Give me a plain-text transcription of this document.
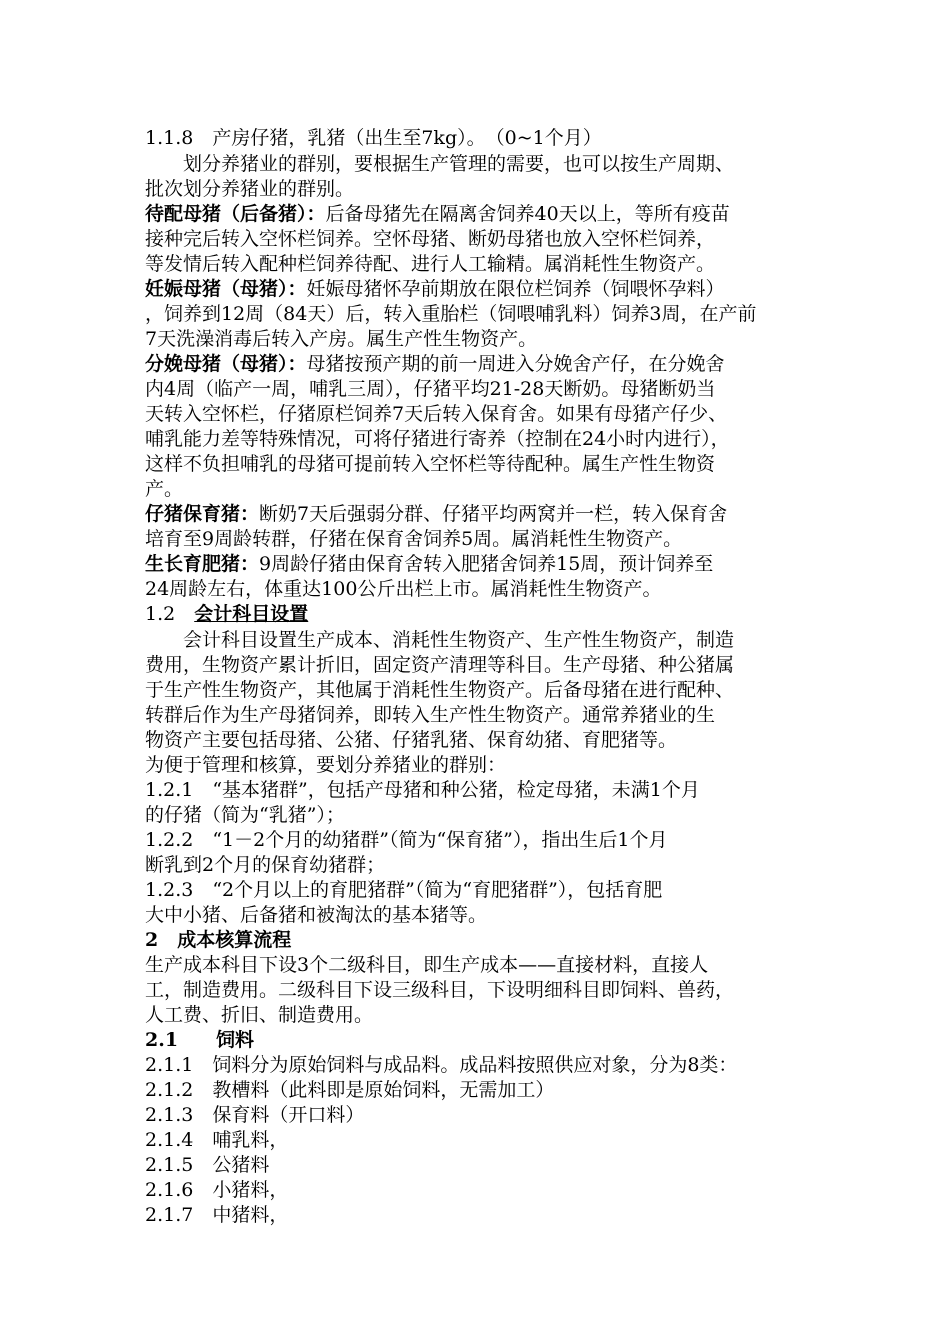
1.1.8　产房仔猪，乳猪（出生至7kg）。　（0~1个月）
　　划分养猪业的群别，要根据生产管理的需要，也可以按生产周期、
批次划分养猪业的群别。
待配母猪（后备猪）：后备母猪先在隔离舍饲养40天以上，等所有疫苗
接种完后转入空怀栏饲养。空怀母猪、断奶母猪也放入空怀栏饲养，
等发情后转入配种栏饲养待配、进行人工输精。属消耗性生物资产。
妊娠母猪（母猪）：妊娠母猪怀孕前期放在限位栏饲养（饲喂怀孕料）
，饲养到12周（84天）后，转入重胎栏（饲喂哺乳料）饲养3周，在产前
7天洗澡消毒后转入产房。属生产性生物资产。
分娩母猪（母猪）：母猪按预产期的前一周进入分娩舍产仔，在分娩舍
内4周（临产一周，哺乳三周），仔猪平均21-28天断奶。母猪断奶当
天转入空怀栏，仔猪原栏饲养7天后转入保育舍。如果有母猪产仔少、
哺乳能力差等特殊情况，可将仔猪进行寄养（控制在24小时内进行），
这样不负担哺乳的母猪可提前转入空怀栏等待配种。属生产性生物资
产。
仔猪保育猪：断奶7天后强弱分群、仔猪平均两窝并一栏，转入保育舍
培育至9周龄转群，仔猪在保育舍饲养5周。属消耗性生物资产。
生长育肥猪：9周龄仔猪由保育舍转入肥猪舍饲养15周，预计饲养至
24周龄左右，体重达100公斤出栏上市。属消耗性生物资产。
1.2　会计科目设置
　　会计科目设置生产成本、消耗性生物资产、生产性生物资产，制造
费用，生物资产累计折旧，固定资产清理等科目。生产母猪、种公猪属
于生产性生物资产，其他属于消耗性生物资产。后备母猪在进行配种、
转群后作为生产母猪饲养，即转入生产性生物资产。通常养猪业的生
物资产主要包括母猪、公猪、仔猪乳猪、保育幼猪、育肥猪等。
为便于管理和核算，要划分养猪业的群别：
1.2.1　“基本猪群”，包括产母猪和种公猪，检定母猪，未满1个月
的仔猪（简为“乳猪”）；
1.2.2　“1－2个月的幼猪群”（简为“保育猪”），指出生后1个月
断乳到2个月的保育幼猪群；
1.2.3　“2个月以上的育肥猪群”（简为“育肥猪群”），包括育肥
大中小猪、后备猪和被淘汰的基本猪等。
2　成本核算流程
生产成本科目下设3个二级科目，即生产成本——直接材料，直接人
工，制造费用。二级科目下设三级科目，下设明细科目即饲料、兽药，
人工费、折旧、制造费用。
2.1　　饲料
2.1.1　饲料分为原始饲料与成品料。成品料按照供应对象，分为8类：
2.1.2　教槽料（此料即是原始饲料，无需加工）
2.1.3　保育料（开口料）
2.1.4　哺乳料，
2.1.5　公猪料
2.1.6　小猪料，
2.1.7　中猪料，
